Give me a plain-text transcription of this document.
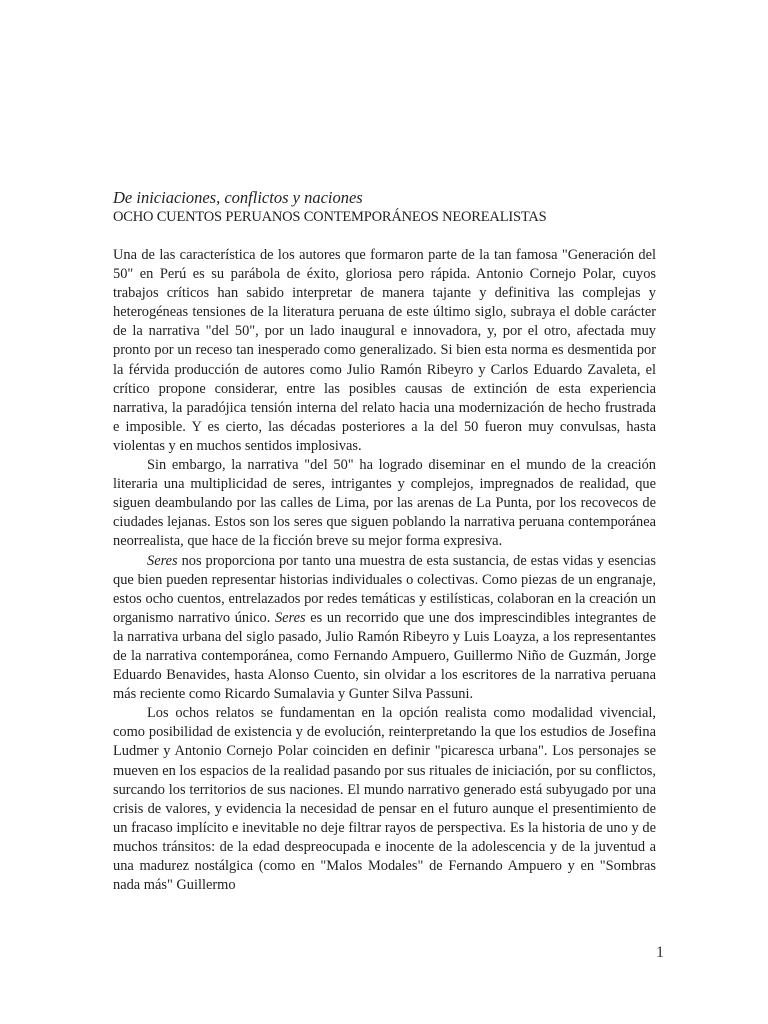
De iniciaciones, conflictos y naciones

OCHO CUENTOS PERUANOS CONTEMPORÁNEOS NEOREALISTAS

Una de las característica de los autores que formaron parte de la tan famosa "Generación del 50" en Perú es su parábola de éxito, gloriosa pero rápida. Antonio Cornejo Polar, cuyos trabajos críticos han sabido interpretar de manera tajante y definitiva las complejas y heterogéneas tensiones de la literatura peruana de este último siglo, subraya el doble carácter de la narrativa "del 50", por un lado inaugural e innovadora, y, por el otro, afectada muy pronto por un receso tan inesperado como generalizado. Si bien esta norma es desmentida por la férvida producción de autores como Julio Ramón Ribeyro y Carlos Eduardo Zavaleta, el crítico propone considerar, entre las posibles causas de extinción de esta experiencia narrativa, la paradójica tensión interna del relato hacia una modernización de hecho frustrada e imposible. Y es cierto, las décadas posteriores a la del 50 fueron muy convulsas, hasta violentas y en muchos sentidos implosivas.

Sin embargo, la narrativa "del 50" ha logrado diseminar en el mundo de la creación literaria una multiplicidad de seres, intrigantes y complejos, impregnados de realidad, que siguen deambulando por las calles de Lima, por las arenas de La Punta, por los recovecos de ciudades lejanas. Estos son los seres que siguen poblando la narrativa peruana contemporánea neorrealista, que hace de la ficción breve su mejor forma expresiva.

Seres nos proporciona por tanto una muestra de esta sustancia, de estas vidas y esencias que bien pueden representar historias individuales o colectivas. Como piezas de un engranaje, estos ocho cuentos, entrelazados por redes temáticas y estilísticas, colaboran en la creación un organismo narrativo único. Seres es un recorrido que une dos imprescindibles integrantes de la narrativa urbana del siglo pasado, Julio Ramón Ribeyro y Luis Loayza, a los representantes de la narrativa contemporánea, como Fernando Ampuero, Guillermo Niño de Guzmán, Jorge Eduardo Benavides, hasta Alonso Cuento, sin olvidar a los escritores de la narrativa peruana más reciente como Ricardo Sumalavia y Gunter Silva Passuni.

Los ochos relatos se fundamentan en la opción realista como modalidad vivencial, como posibilidad de existencia y de evolución, reinterpretando la que los estudios de Josefina Ludmer y Antonio Cornejo Polar coinciden en definir "picaresca urbana". Los personajes se mueven en los espacios de la realidad pasando por sus rituales de iniciación, por su conflictos, surcando los territorios de sus naciones. El mundo narrativo generado está subyugado por una crisis de valores, y evidencia la necesidad de pensar en el futuro aunque el presentimiento de un fracaso implícito e inevitable no deje filtrar rayos de perspectiva. Es la historia de uno y de muchos tránsitos: de la edad despreocupada e inocente de la adolescencia y de la juventud a una madurez nostálgica (como en "Malos Modales" de Fernando Ampuero y en "Sombras nada más" Guillermo

1
